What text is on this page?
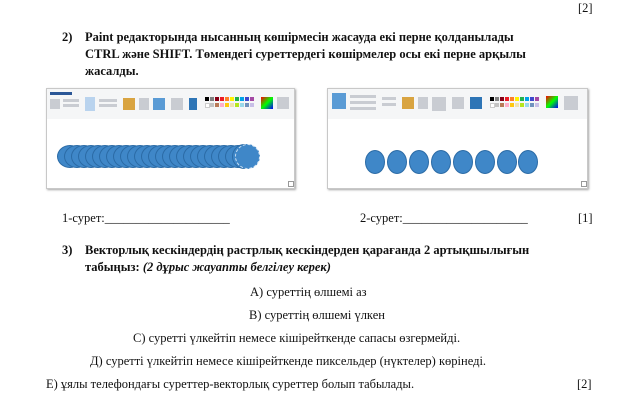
[2]
2) Paint редакторында нысанның көшірмесін жасауда екі перне қолданылады
CTRL және SHIFT. Төмендегі суреттердегі көшірмелер осы екі перне арқылы
жасалды.
1-сурет:____________________	2-сурет:____________________	[1]
3) Векторлық кескіндердің растрлық кескіндерден қарағанда 2 артықшылығын
табыңыз: (2 дұрыс жауапты белгілеу керек)
А) суреттің өлшемі аз
В) суреттің өлшемі үлкен
С) суретті үлкейтіп немесе кішірейткенде сапасы өзгермейді.
Д) суретті үлкейтіп немесе кішірейткенде пиксельдер (нүктелер) көрінеді.
Е) ұялы телефондағы суреттер-векторлық суреттер болып табылады.	[2]
